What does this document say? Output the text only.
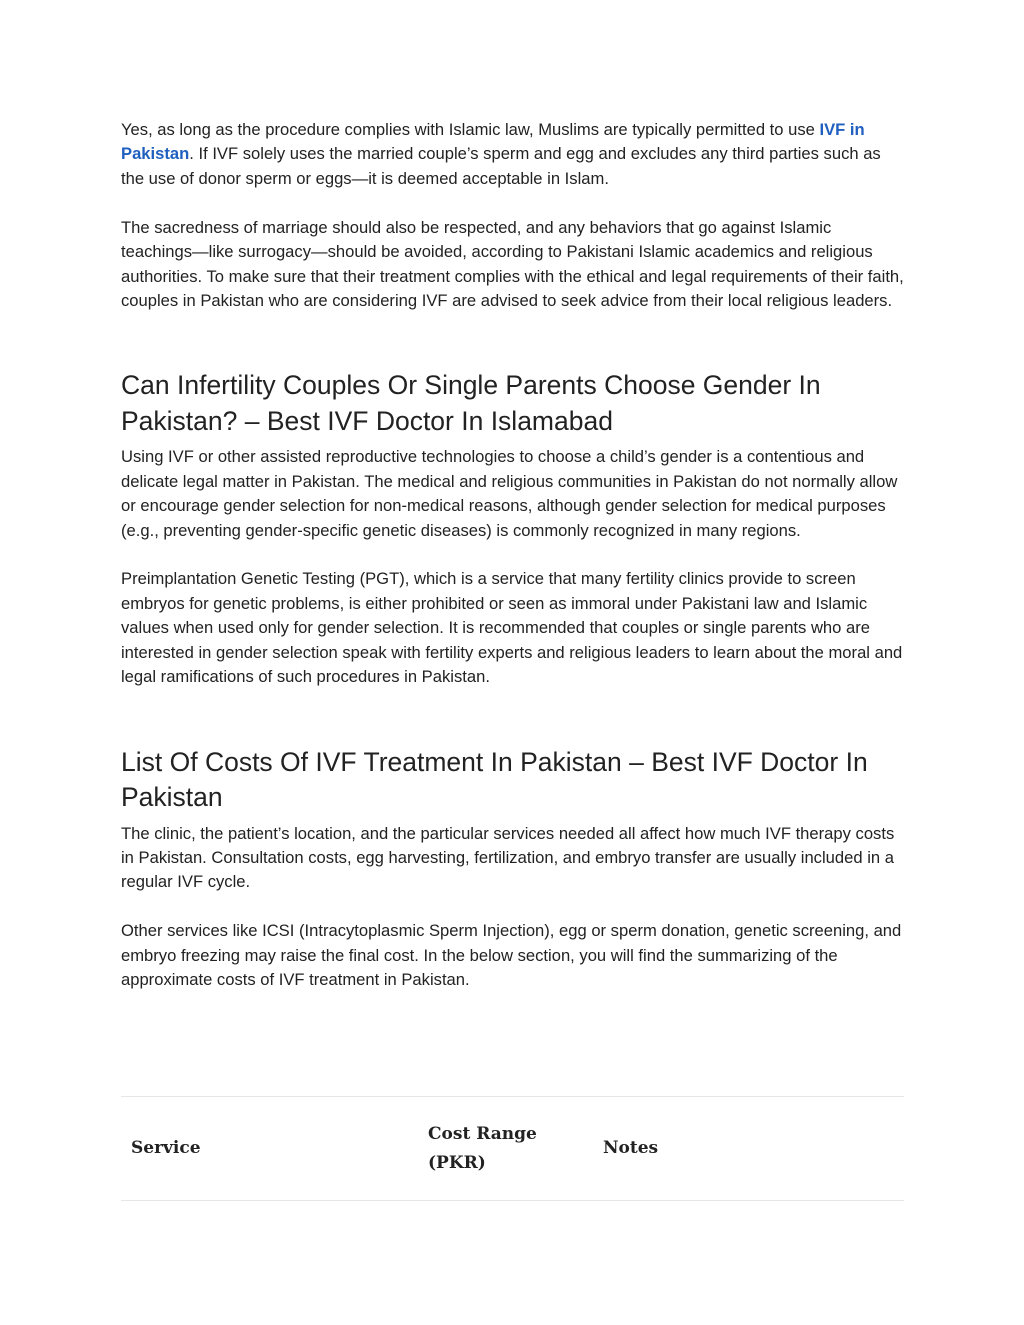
Yes, as long as the procedure complies with Islamic law, Muslims are typically permitted to use IVF in Pakistan. If IVF solely uses the married couple’s sperm and egg and excludes any third parties such as the use of donor sperm or eggs—it is deemed acceptable in Islam.

The sacredness of marriage should also be respected, and any behaviors that go against Islamic teachings—like surrogacy—should be avoided, according to Pakistani Islamic academics and religious authorities. To make sure that their treatment complies with the ethical and legal requirements of their faith, couples in Pakistan who are considering IVF are advised to seek advice from their local religious leaders.

Can Infertility Couples Or Single Parents Choose Gender In Pakistan? – Best IVF Doctor In Islamabad

Using IVF or other assisted reproductive technologies to choose a child’s gender is a contentious and delicate legal matter in Pakistan. The medical and religious communities in Pakistan do not normally allow or encourage gender selection for non-medical reasons, although gender selection for medical purposes (e.g., preventing gender-specific genetic diseases) is commonly recognized in many regions.

Preimplantation Genetic Testing (PGT), which is a service that many fertility clinics provide to screen embryos for genetic problems, is either prohibited or seen as immoral under Pakistani law and Islamic values when used only for gender selection. It is recommended that couples or single parents who are interested in gender selection speak with fertility experts and religious leaders to learn about the moral and legal ramifications of such procedures in Pakistan.

List Of Costs Of IVF Treatment In Pakistan – Best IVF Doctor In Pakistan

The clinic, the patient’s location, and the particular services needed all affect how much IVF therapy costs in Pakistan. Consultation costs, egg harvesting, fertilization, and embryo transfer are usually included in a regular IVF cycle.

Other services like ICSI (Intracytoplasmic Sperm Injection), egg or sperm donation, genetic screening, and embryo freezing may raise the final cost. In the below section, you will find the summarizing of the approximate costs of IVF treatment in Pakistan.

Service	Cost Range (PKR)	Notes
